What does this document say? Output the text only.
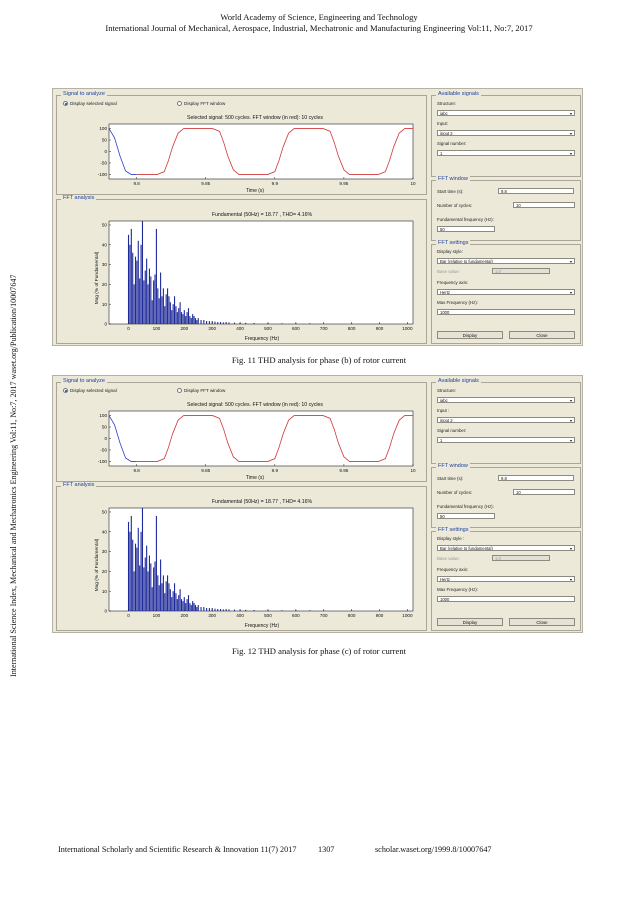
World Academy of Science, Engineering and Technology
International Journal of Mechanical, Aerospace, Industrial, Mechatronic and Manufacturing Engineering Vol:11, No:7, 2017
International Science Index, Mechanical and Mechatronics Engineering Vol:11, No:7, 2017 waset.org/Publication/10007647
Signal to analyze
Display selected signal	Display FFT window
Selected signal: 500 cycles. FFT window (in red): 10 cycles
Time (s)
9.8	9.85	9.9	9.95	10
100
50
0
-50
-100
FFT analysis
Fundamental (50Hz) = 18.77 , THD= 4.16%
Frequency (Hz)
Mag (% of Fundamental)
0	100	200	300	400	500	600	700	800	900	1000
0
10
20
30
40
50
Available signals
Structure:
iabc	▼
Input:
input 2	▼
Signal number:
1	▼
FFT window
Start time (s):	9.8
Number of cycles:	10
Fundamental frequency (Hz):
50
FFT settings
Display style:
Bar (relative to fundamental)	▼
Base value:	1.0
Frequency axis:
Hertz	▼
Max Frequency (Hz):
1000
Display	Close
Fig. 11 THD analysis for phase (b) of rotor current
Signal to analyze
Display selected signal	Display FFT window
Selected signal: 500 cycles. FFT window (in red): 10 cycles
Time (s)
9.8	9.85	9.9	9.95	10
100
50
0
-50
-100
FFT analysis
Fundamental (50Hz) = 18.77 , THD= 4.16%
Frequency (Hz)
Mag (% of Fundamental)
0	100	200	300	400	500	600	700	800	900	1000
0
10
20
30
40
50
Available signals
Structure:
iabc	▼
Input :
input 2	▼
Signal number:
1	▼
FFT window
Start time (s):	9.8
Number of cycles:	10
Fundamental frequency (Hz):
50
FFT settings
Display style :
Bar (relative to fundamental)	▼
Base value:	1.0
Frequency axis:
Hertz	▼
Max Frequency (Hz):
1000
Display	Close
Fig. 12 THD analysis for phase (c) of rotor current
International Scholarly and Scientific Research & Innovation 11(7) 2017	1307	scholar.waset.org/1999.8/10007647
